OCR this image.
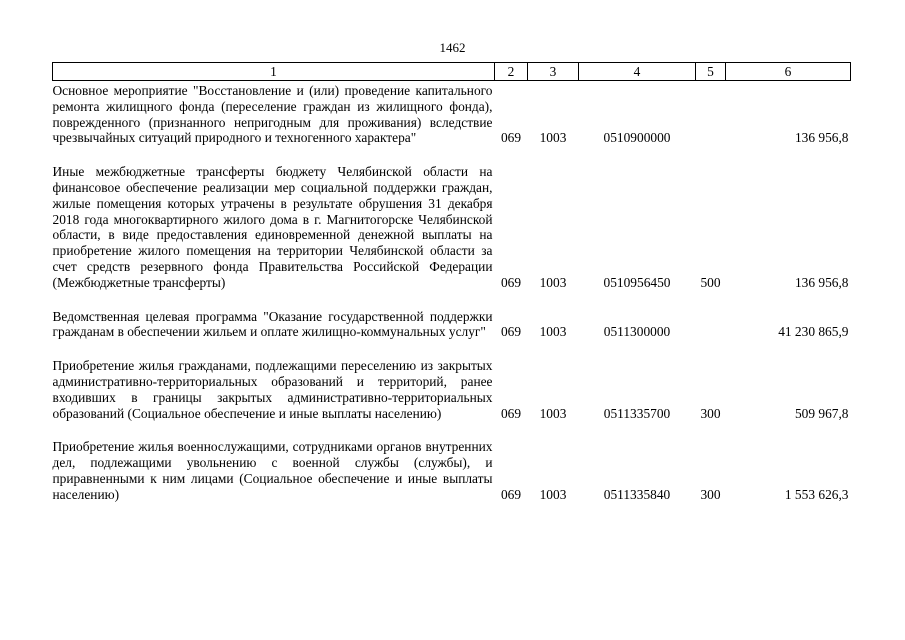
1462
1	2	3	4	5	6
Основное мероприятие "Восстановление и (или) проведение капитального ремонта жилищного фонда (переселение граждан из жилищного фонда), поврежденного (признанного непригодным для проживания) вследствие чрезвычайных ситуаций природного и техногенного характера"	069	1003	0510900000		136 956,8
Иные межбюджетные трансферты бюджету Челябинской области на финансовое обеспечение реализации мер социальной поддержки граждан, жилые помещения которых утрачены в результате обрушения 31 декабря 2018 года многоквартирного жилого дома в г. Магнитогорске Челябинской области, в виде предоставления единовременной денежной выплаты на приобретение жилого помещения на территории Челябинской области за счет средств резервного фонда Правительства Российской Федерации (Межбюджетные трансферты)	069	1003	0510956450	500	136 956,8
Ведомственная целевая программа "Оказание государственной поддержки гражданам в обеспечении жильем и оплате жилищно-коммунальных услуг"	069	1003	0511300000		41 230 865,9
Приобретение жилья гражданами, подлежащими переселению из закрытых административно-территориальных образований и территорий, ранее входивших в границы закрытых административно-территориальных образований (Социальное обеспечение и иные выплаты населению)	069	1003	0511335700	300	509 967,8
Приобретение жилья военнослужащими, сотрудниками органов внутренних дел, подлежащими увольнению с военной службы (службы), и приравненными к ним лицами (Социальное обеспечение и иные выплаты населению)	069	1003	0511335840	300	1 553 626,3
